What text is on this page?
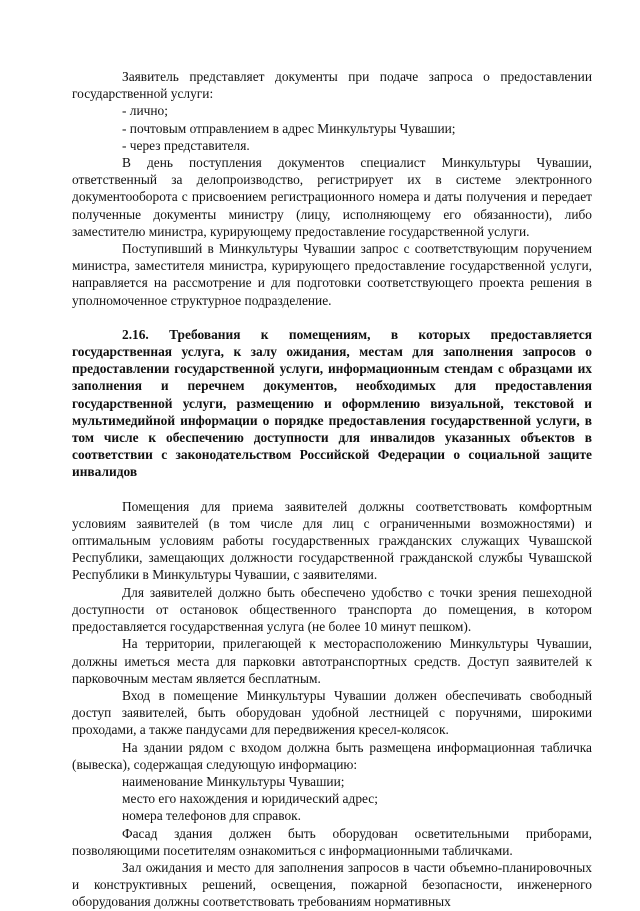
Заявитель представляет документы при подаче запроса о предоставлении государственной услуги:

- лично;

- почтовым отправлением в адрес Минкультуры Чувашии;

- через представителя.

В день поступления документов специалист Минкультуры Чувашии, ответственный за делопроизводство, регистрирует их в системе электронного документооборота с присвоением регистрационного номера и даты получения и передает полученные документы министру (лицу, исполняющему его обязанности), либо заместителю министра, курирующему предоставление государственной услуги.

Поступивший в Минкультуры Чувашии запрос с соответствующим поручением министра, заместителя министра, курирующего предоставление государственной услуги, направляется на рассмотрение и для подготовки соответствующего проекта решения в уполномоченное структурное подразделение.

2.16. Требования к помещениям, в которых предоставляется государственная услуга, к залу ожидания, местам для заполнения запросов о предоставлении государственной услуги, информационным стендам с образцами их заполнения и перечнем документов, необходимых для предоставления государственной услуги, размещению и оформлению визуальной, текстовой и мультимедийной информации о порядке предоставления государственной услуги, в том числе к обеспечению доступности для инвалидов указанных объектов в соответствии с законодательством Российской Федерации о социальной защите инвалидов

Помещения для приема заявителей должны соответствовать комфортным условиям заявителей (в том числе для лиц с ограниченными возможностями) и оптимальным условиям работы государственных гражданских служащих Чувашской Республики, замещающих должности государственной гражданской службы Чувашской Республики в Минкультуры Чувашии, с заявителями.

Для заявителей должно быть обеспечено удобство с точки зрения пешеходной доступности от остановок общественного транспорта до помещения, в котором предоставляется государственная услуга (не более 10 минут пешком).

На территории, прилегающей к месторасположению Минкультуры Чувашии, должны иметься места для парковки автотранспортных средств. Доступ заявителей к парковочным местам является бесплатным.

Вход в помещение Минкультуры Чувашии должен обеспечивать свободный доступ заявителей, быть оборудован удобной лестницей с поручнями, широкими проходами, а также пандусами для передвижения кресел-колясок.

На здании рядом с входом должна быть размещена информационная табличка (вывеска), содержащая следующую информацию:

наименование Минкультуры Чувашии;

место его нахождения и юридический адрес;

номера телефонов для справок.

Фасад здания должен быть оборудован осветительными приборами, позволяющими посетителям ознакомиться с информационными табличками.

Зал ожидания и место для заполнения запросов в части объемно-планировочных и конструктивных решений, освещения, пожарной безопасности, инженерного оборудования должны соответствовать требованиям нормативных
